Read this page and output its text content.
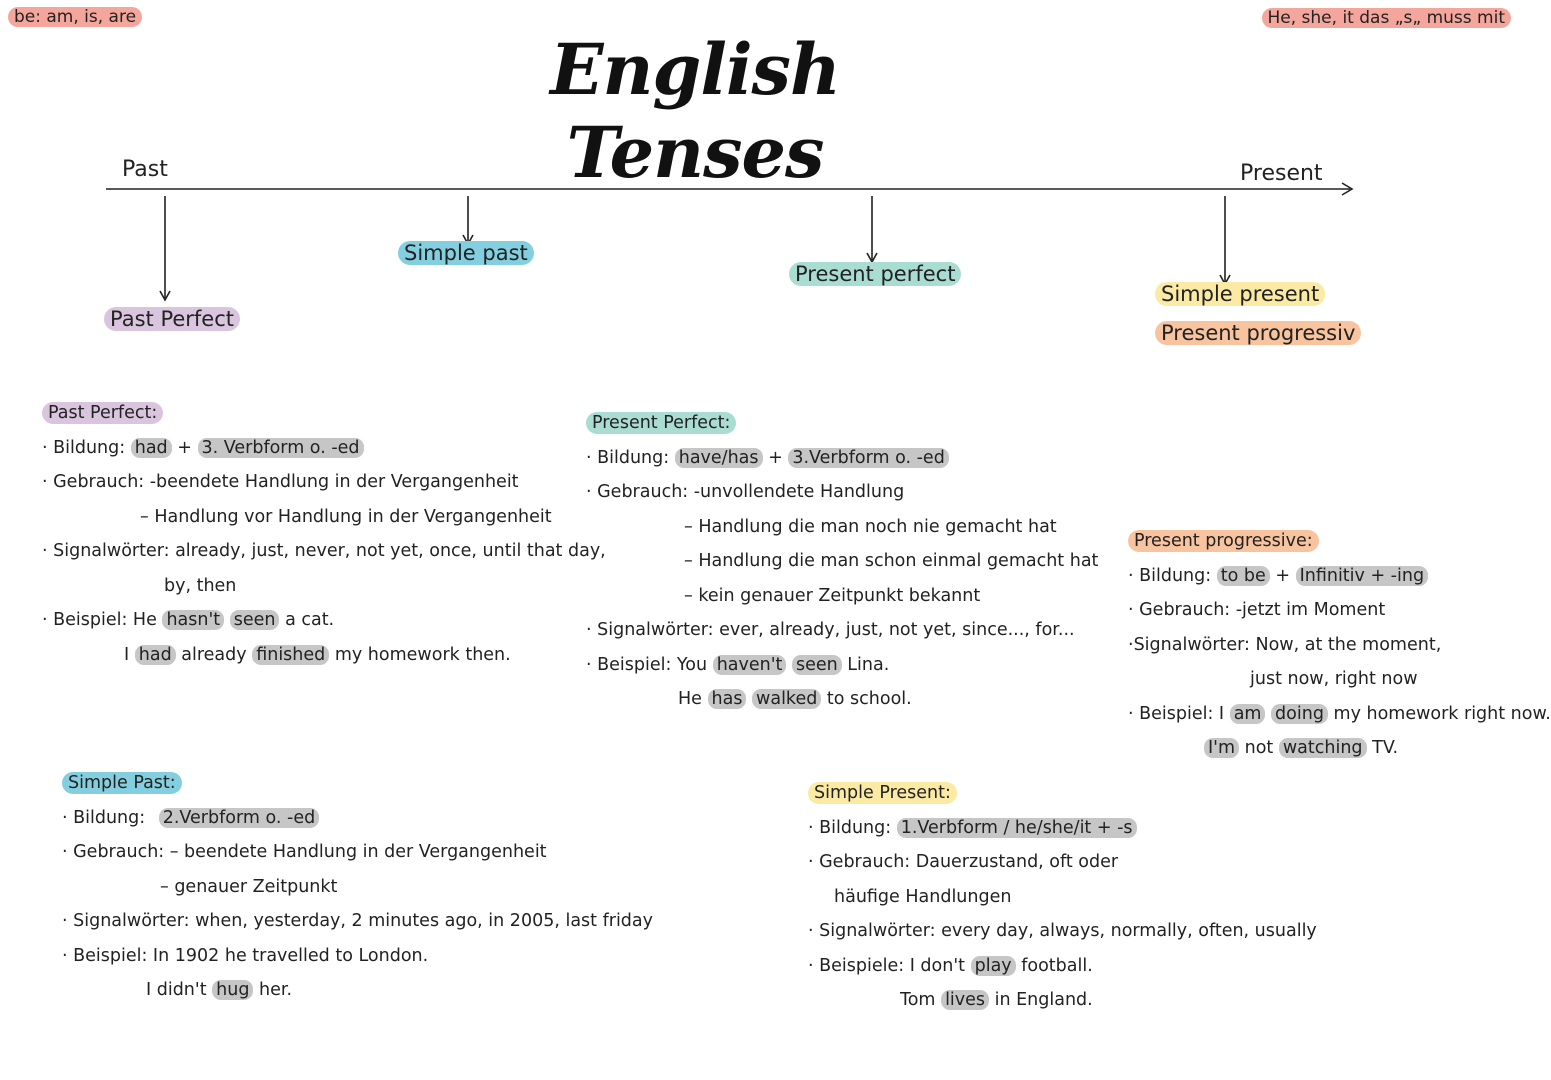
be: am, is, are	He, she, it das „s„ muss mit
English Tenses
Past	Present
Past Perfect
Simple past
Present perfect
Simple present
Present progressiv
Past Perfect:
· Bildung: had + 3. Verbform o. -ed
· Gebrauch: -beendete Handlung in der Vergangenheit
– Handlung vor Handlung in der Vergangenheit
· Signalwörter: already, just, never, not yet, once, until that day,
by, then
· Beispiel: He hasn't seen a cat.
I had already finished my homework then.
Present Perfect:
· Bildung: have/has + 3.Verbform o. -ed
· Gebrauch: -unvollendete Handlung
– Handlung die man noch nie gemacht hat
– Handlung die man schon einmal gemacht hat
– kein genauer Zeitpunkt bekannt
· Signalwörter: ever, already, just, not yet, since..., for...
· Beispiel: You haven't seen Lina.
He has walked to school.
Present progressive:
· Bildung: to be + Infinitiv + -ing
· Gebrauch: -jetzt im Moment
·Signalwörter: Now, at the moment,
just now, right now
· Beispiel: I am doing my homework right now.
I'm not watching TV.
Simple Past:
· Bildung: 2.Verbform o. -ed
· Gebrauch: – beendete Handlung in der Vergangenheit
– genauer Zeitpunkt
· Signalwörter: when, yesterday, 2 minutes ago, in 2005, last friday
· Beispiel: In 1902 he travelled to London.
I didn't hug her.
Simple Present:
· Bildung: 1.Verbform / he/she/it + -s
· Gebrauch: Dauerzustand, oft oder
häufige Handlungen
· Signalwörter: every day, always, normally, often, usually
· Beispiele: I don't play football.
Tom lives in England.
